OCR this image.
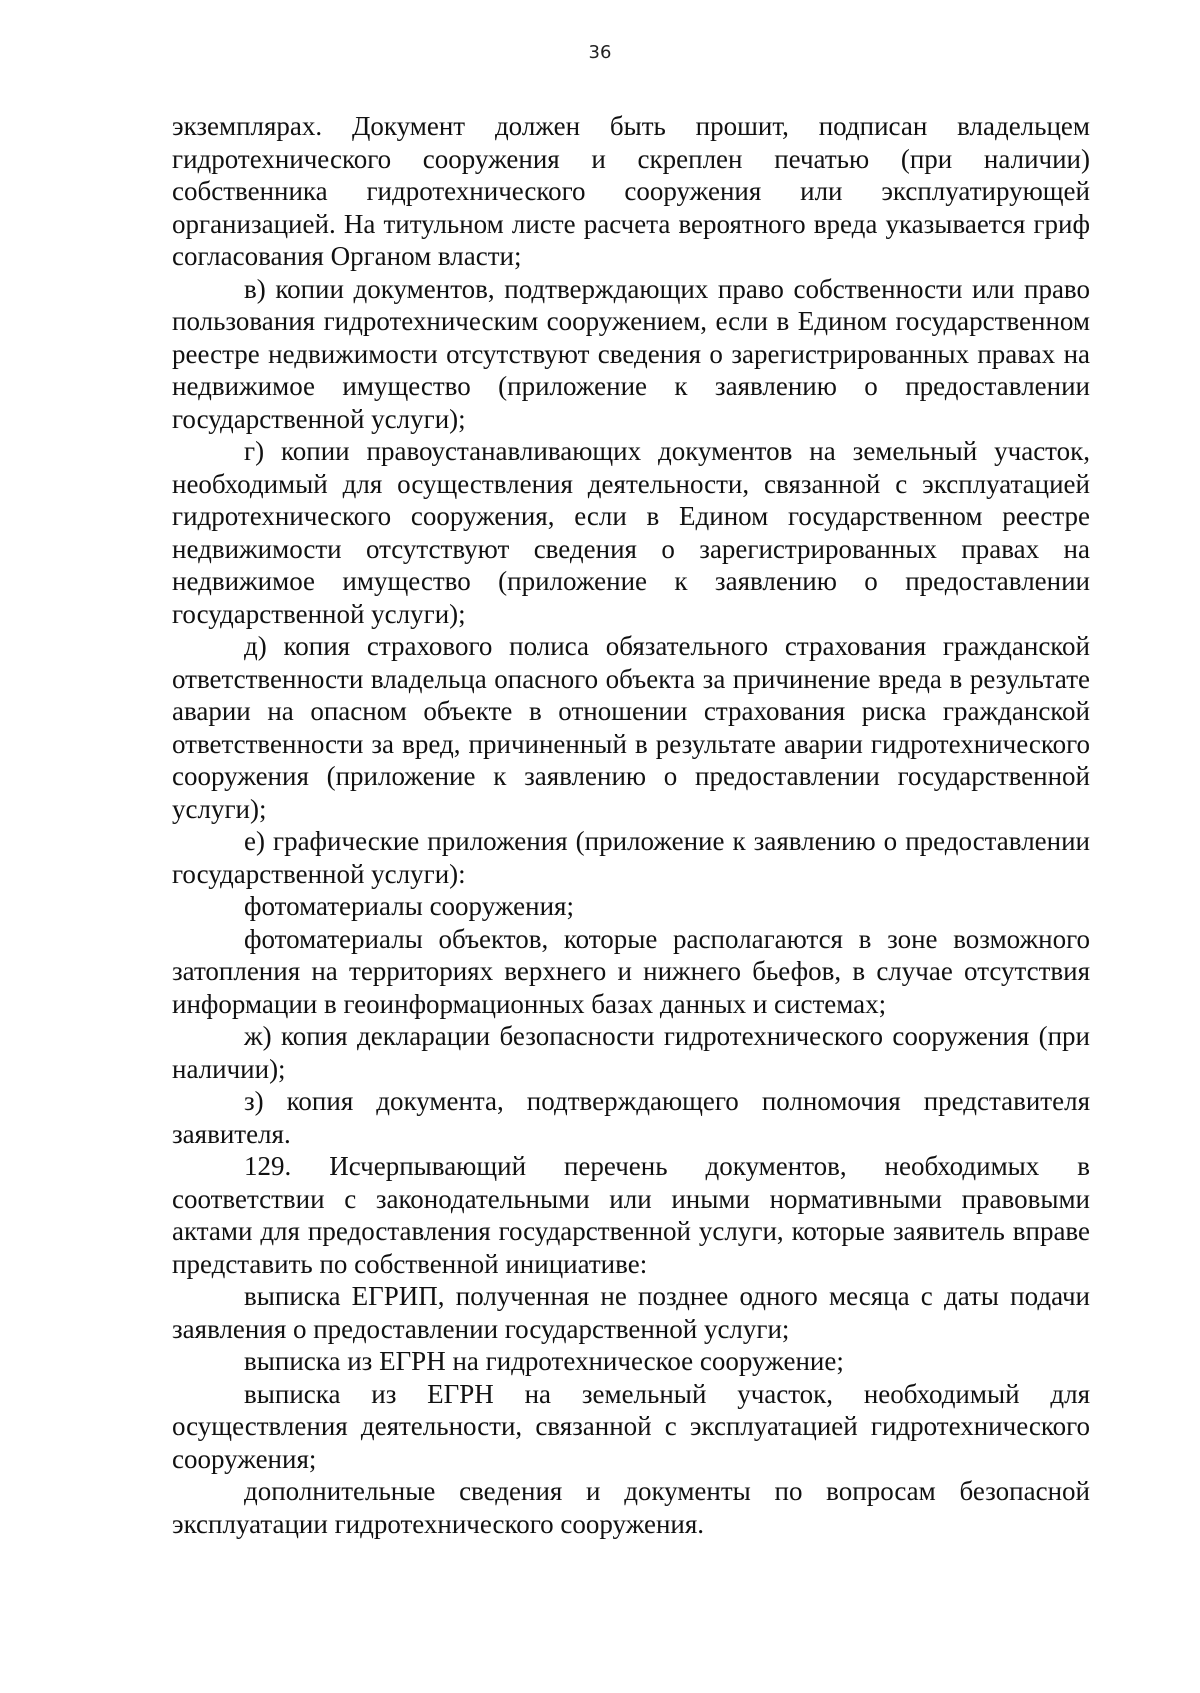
36

экземплярах. Документ должен быть прошит, подписан владельцем гидротехнического сооружения и скреплен печатью (при наличии) собственника гидротехнического сооружения или эксплуатирующей организацией. На титульном листе расчета вероятного вреда указывается гриф согласования Органом власти;

в) копии документов, подтверждающих право собственности или право пользования гидротехническим сооружением, если в Едином государственном реестре недвижимости отсутствуют сведения о зарегистрированных правах на недвижимое имущество (приложение к заявлению о предоставлении государственной услуги);

г) копии правоустанавливающих документов на земельный участок, необходимый для осуществления деятельности, связанной с эксплуатацией гидротехнического сооружения, если в Едином государственном реестре недвижимости отсутствуют сведения о зарегистрированных правах на недвижимое имущество (приложение к заявлению о предоставлении государственной услуги);

д) копия страхового полиса обязательного страхования гражданской ответственности владельца опасного объекта за причинение вреда в результате аварии на опасном объекте в отношении страхования риска гражданской ответственности за вред, причиненный в результате аварии гидротехнического сооружения (приложение к заявлению о предоставлении государственной услуги);

е) графические приложения (приложение к заявлению о предоставлении государственной услуги):

фотоматериалы сооружения;

фотоматериалы объектов, которые располагаются в зоне возможного затопления на территориях верхнего и нижнего бьефов, в случае отсутствия информации в геоинформационных базах данных и системах;

ж) копия декларации безопасности гидротехнического сооружения (при наличии);

з) копия документа, подтверждающего полномочия представителя заявителя.

129. Исчерпывающий перечень документов, необходимых в соответствии с законодательными или иными нормативными правовыми актами для предоставления государственной услуги, которые заявитель вправе представить по собственной инициативе:

выписка ЕГРИП, полученная не позднее одного месяца с даты подачи заявления о предоставлении государственной услуги;

выписка из ЕГРН на гидротехническое сооружение;

выписка из ЕГРН на земельный участок, необходимый для осуществления деятельности, связанной с эксплуатацией гидротехнического сооружения;

дополнительные сведения и документы по вопросам безопасной эксплуатации гидротехнического сооружения.
